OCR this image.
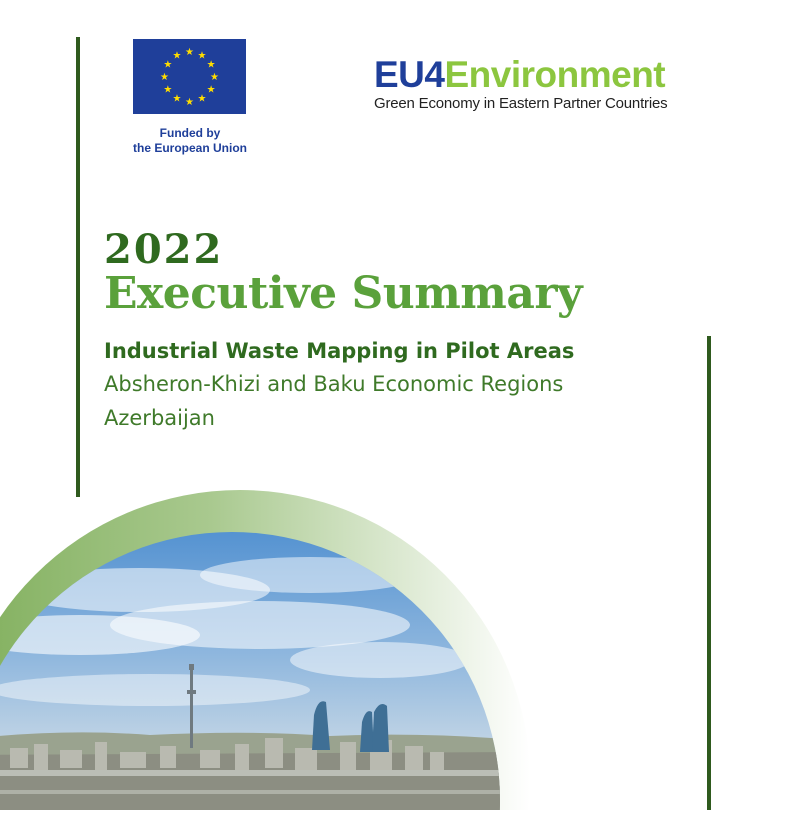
★ ★
★
★
★
★
★
★
★
★
★
★
Funded by
the European Union
EU4Environment
Green Economy in Eastern Partner Countries
2022
Executive Summary
Industrial Waste Mapping in Pilot Areas
Absheron-Khizi and Baku Economic Regions
Azerbaijan
